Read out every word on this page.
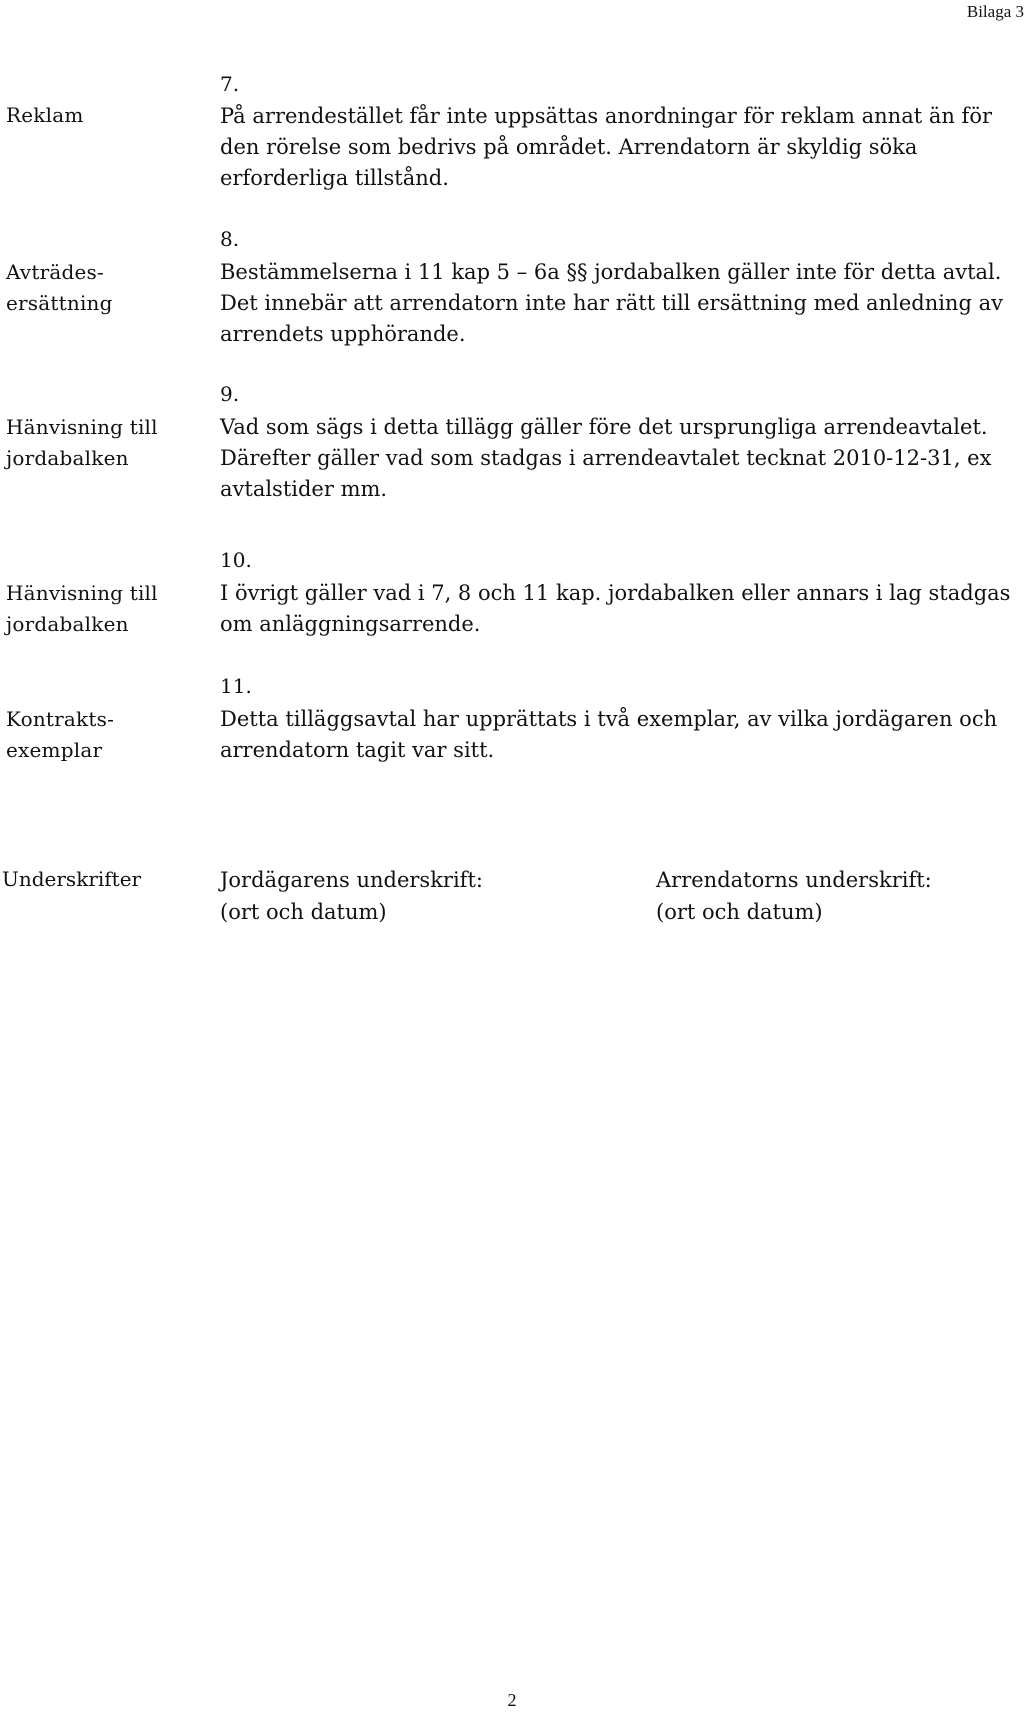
Bilaga 3
7.
Reklam	På arrendestället får inte uppsättas anordningar för reklam annat än för den rörelse som bedrivs på området. Arrendatorn är skyldig söka erforderliga tillstånd.
8.
Avträdes-
ersättning
Bestämmelserna i 11 kap 5 – 6a §§ jordabalken gäller inte för detta avtal. Det innebär att arrendatorn inte har rätt till ersättning med anledning av arrendets upphörande.
9.
Hänvisning till
jordabalken
Vad som sägs i detta tillägg gäller före det ursprungliga arrendeavtalet. Därefter gäller vad som stadgas i arrendeavtalet tecknat 2010-12-31, ex avtalstider mm.
10.
Hänvisning till
jordabalken
I övrigt gäller vad i 7, 8 och 11 kap. jordabalken eller annars i lag stadgas om anläggningsarrende.
11.
Kontrakts-
exemplar
Detta tilläggsavtal har upprättats i två exemplar, av vilka jordägaren och arrendatorn tagit var sitt.
Underskrifter	Jordägarens underskrift:
(ort och datum)
Arrendatorns underskrift:
(ort och datum)
2
